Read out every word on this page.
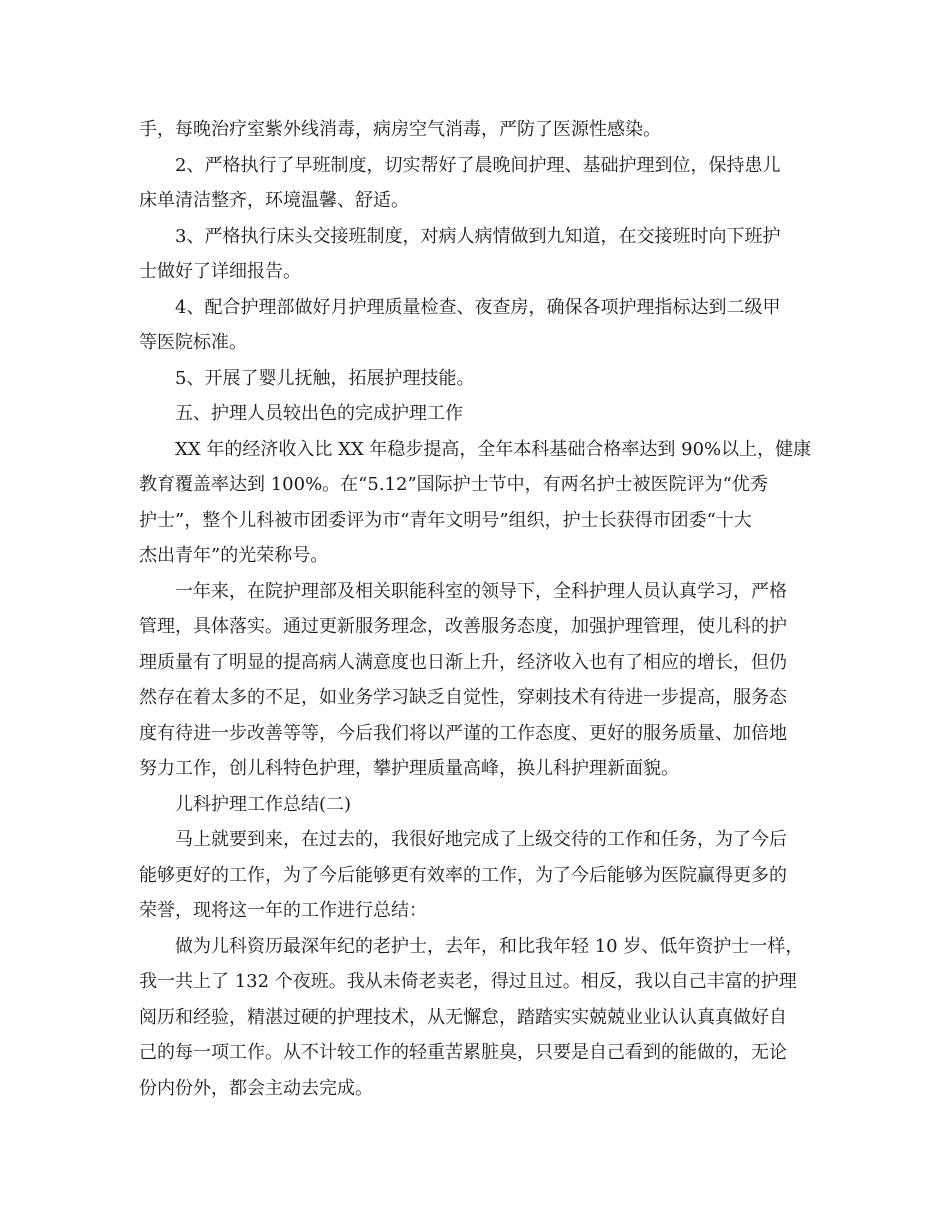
手，每晚治疗室紫外线消毒，病房空气消毒，严防了医源性感染。

2、严格执行了早班制度，切实帮好了晨晚间护理、基础护理到位，保持患儿

床单清洁整齐，环境温馨、舒适。

3、严格执行床头交接班制度，对病人病情做到九知道，在交接班时向下班护

士做好了详细报告。

4、配合护理部做好月护理质量检查、夜查房，确保各项护理指标达到二级甲

等医院标准。

5、开展了婴儿抚触，拓展护理技能。

五、护理人员较出色的完成护理工作

XX 年的经济收入比 XX 年稳步提高，全年本科基础合格率达到 90%以上，健康

教育覆盖率达到 100%。在“5.12”国际护士节中，有两名护士被医院评为“优秀

护士”，整个儿科被市团委评为市“青年文明号”组织，护士长获得市团委“十大

杰出青年”的光荣称号。

一年来，在院护理部及相关职能科室的领导下，全科护理人员认真学习，严格

管理，具体落实。通过更新服务理念，改善服务态度，加强护理管理，使儿科的护

理质量有了明显的提高病人满意度也日渐上升，经济收入也有了相应的增长，但仍

然存在着太多的不足，如业务学习缺乏自觉性，穿刺技术有待进一步提高，服务态

度有待进一步改善等等，今后我们将以严谨的工作态度、更好的服务质量、加倍地

努力工作，创儿科特色护理，攀护理质量高峰，换儿科护理新面貌。

儿科护理工作总结(二)

马上就要到来，在过去的，我很好地完成了上级交待的工作和任务，为了今后

能够更好的工作，为了今后能够更有效率的工作，为了今后能够为医院赢得更多的

荣誉，现将这一年的工作进行总结：

做为儿科资历最深年纪的老护士，去年，和比我年轻 10 岁、低年资护士一样，

我一共上了 132 个夜班。我从未倚老卖老，得过且过。相反，我以自己丰富的护理

阅历和经验，精湛过硬的护理技术，从无懈怠，踏踏实实兢兢业业认认真真做好自

己的每一项工作。从不计较工作的轻重苦累脏臭，只要是自己看到的能做的，无论

份内份外，都会主动去完成。
